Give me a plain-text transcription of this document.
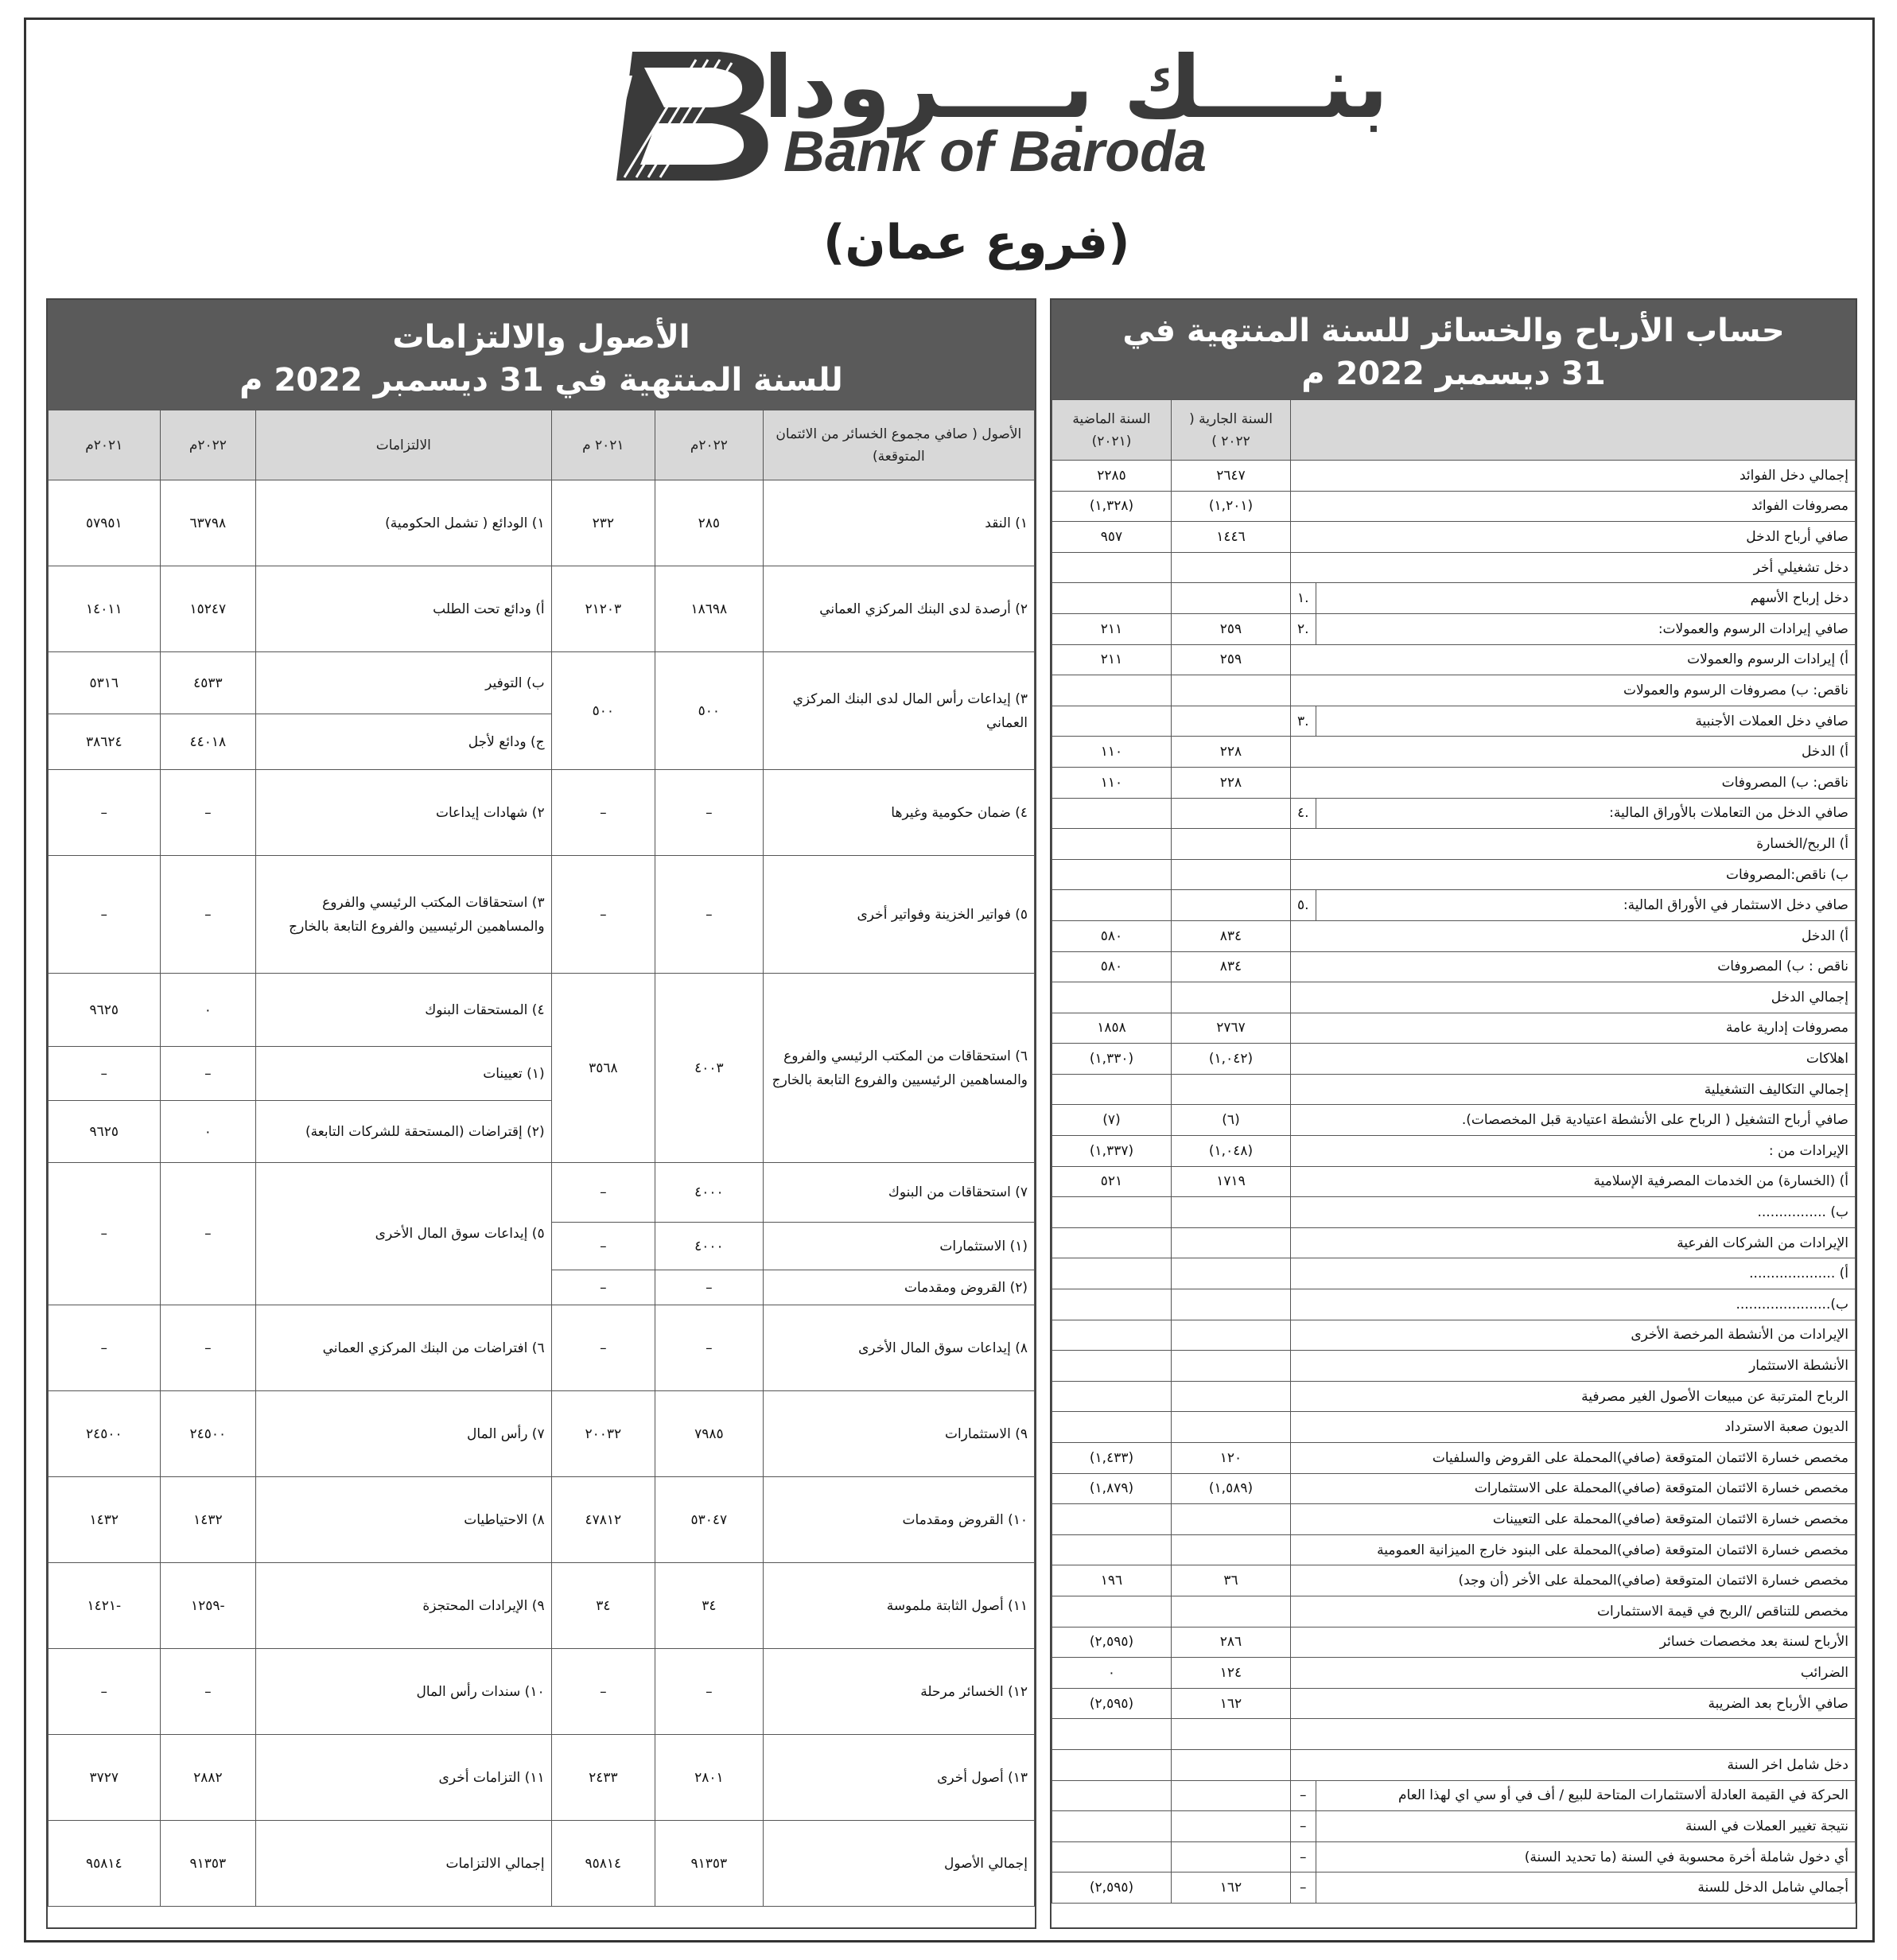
بنــــك بــــرودا
Bank of Baroda
(فروع عمان)
الأصول والالتزامات
للسنة المنتهية في 31 ديسمبر 2022 م
الأصول ( صافي مجموع الخسائر من الائتمان المتوقعة)	٢٠٢٢م	٢٠٢١ م	الالتزامات	٢٠٢٢م	٢٠٢١م
١) النقد	٢٨٥	٢٣٢	١) الودائع ( تشمل الحكومية)	٦٣٧٩٨	٥٧٩٥١
٢) أرصدة لدى البنك المركزي العماني	١٨٦٩٨	٢١٢٠٣	أ) ودائع تحت الطلب	١٥٢٤٧	١٤٠١١
٣) إيداعات رأس المال لدى البنك المركزي العماني	٥٠٠	٥٠٠	ب) التوفير	٤٥٣٣	٥٣١٦
			ج) ودائع لأجل	٤٤٠١٨	٣٨٦٢٤
٤) ضمان حكومية وغيرها	–	–	٢) شهادات إيداعات	–	–
٥) فواتير الخزينة وفواتير أخرى	–	–	٣) استحقاقات المكتب الرئيسي والفروع والمساهمين الرئيسيين والفروع التابعة بالخارج	–	–
٦) استحقاقات من المكتب الرئيسي والفروع والمساهمين الرئيسيين والفروع التابعة بالخارج	٤٠٠٣	٣٥٦٨	٤) المستحقات البنوك	٠	٩٦٢٥
			(١) تعيينات	–	–
			(٢) إقتراضات (المستحقة للشركات التابعة)	٠	٩٦٢٥
٧) استحقاقات من البنوك	٤٠٠٠	–	٥) إيداعات سوق المال الأخرى	–	–
(١) الاستثمارات	٤٠٠٠	–			
(٢) القروض ومقدمات	–	–			
٨) إيداعات سوق المال الأخرى	–	–	٦) افتراضات من البنك المركزي العماني	–	–
٩) الاستثمارات	٧٩٨٥	٢٠٠٣٢	٧) رأس المال	٢٤٥٠٠	٢٤٥٠٠
١٠) القروض ومقدمات	٥٣٠٤٧	٤٧٨١٢	٨) الاحتياطيات	١٤٣٢	١٤٣٢
١١) أصول الثابتة ملموسة	٣٤	٣٤	٩) الإيرادات المحتجزة	-١٢٥٩	-١٤٢١
١٢) الخسائر مرحلة	–	–	١٠) سندات رأس المال	–	–
١٣) أصول أخرى	٢٨٠١	٢٤٣٣	١١) التزامات أخرى	٢٨٨٢	٣٧٢٧
إجمالي الأصول	٩١٣٥٣	٩٥٨١٤	إجمالي الالتزامات	٩١٣٥٣	٩٥٨١٤
حساب الأرباح والخسائر للسنة المنتهية في
31 ديسمبر 2022 م
		السنة الجارية ( ٢٠٢٢ )	السنة الماضية (٢٠٢١)
إجمالي دخل الفوائد		٢٦٤٧	٢٢٨٥
مصروفات الفوائد		(١,٢٠١)	(١,٣٢٨)
صافي أرباح الدخل		١٤٤٦	٩٥٧
دخل تشغيلي أخر			
دخل إرباح الأسهم	.١		
صافي إيرادات الرسوم والعمولات:	.٢	٢٥٩	٢١١
أ) إيرادات الرسوم والعمولات		٢٥٩	٢١١
ناقص: ب) مصروفات الرسوم والعمولات			
صافي دخل العملات الأجنبية	.٣		
أ) الدخل		٢٢٨	١١٠
ناقص: ب) المصروفات		٢٢٨	١١٠
صافي الدخل من التعاملات بالأوراق المالية:	.٤		
أ) الربح/الخسارة			
ب) ناقص:المصروفات			
صافي دخل الاستثمار في الأوراق المالية:	.٥		
أ) الدخل		٨٣٤	٥٨٠
ناقص : ب) المصروفات		٨٣٤	٥٨٠
إجمالي الدخل			
مصروفات إدارية عامة		٢٧٦٧	١٨٥٨
اهلاكات		(١,٠٤٢)	(١,٣٣٠)
إجمالي التكاليف التشغيلية			
صافي أرباح التشغيل ( الرباح على الأنشطة اعتيادية قبل المخصصات).		(٦)	(٧)
الإيرادات من :		(١,٠٤٨)	(١,٣٣٧)
أ) (الخسارة) من الخدمات المصرفية الإسلامية		١٧١٩	٥٢١
ب) ................			
الإيرادات من الشركات الفرعية			
أ) ....................			
ب)......................			
الإيرادات من الأنشطة المرخصة الأخرى			
الأنشطة الاستثمار			
الرباح المترتبة عن مبيعات الأصول الغير مصرفية			
الديون صعبة الاسترداد			
مخصص خسارة الائتمان المتوقعة (صافي)المحملة على القروض والسلفيات		١٢٠	(١,٤٣٣)
مخصص خسارة الائتمان المتوقعة (صافي)المحملة على الاستثمارات		(١,٥٨٩)	(١,٨٧٩)
مخصص خسارة الائتمان المتوقعة (صافي)المحملة على التعيينات			
مخصص خسارة الائتمان المتوقعة (صافي)المحملة على البنود خارج الميزانية العمومية			
مخصص خسارة الائتمان المتوقعة (صافي)المحملة على الأخر (أن وجد)		٣٦	١٩٦
مخصص للتناقص /الربح في قيمة الاستثمارات			
الأرباح لسنة بعد مخصصات خسائر		٢٨٦	(٢,٥٩٥)
الضرائب		١٢٤	٠
صافي الأرباح بعد الضريبة		١٦٢	(٢,٥٩٥)

دخل شامل اخر السنة			
الحركة في القيمة العادلة ألاستثمارات المتاحة للبيع / أف في أو سي اي لهذا العام	–		
نتيجة تغيير العملات في السنة	–		
أي دخول شاملة أخرة محسوبة في السنة (ما تحديد السنة)	–		
أجمالي شامل الدخل للسنة	–	١٦٢	(٢,٥٩٥)
